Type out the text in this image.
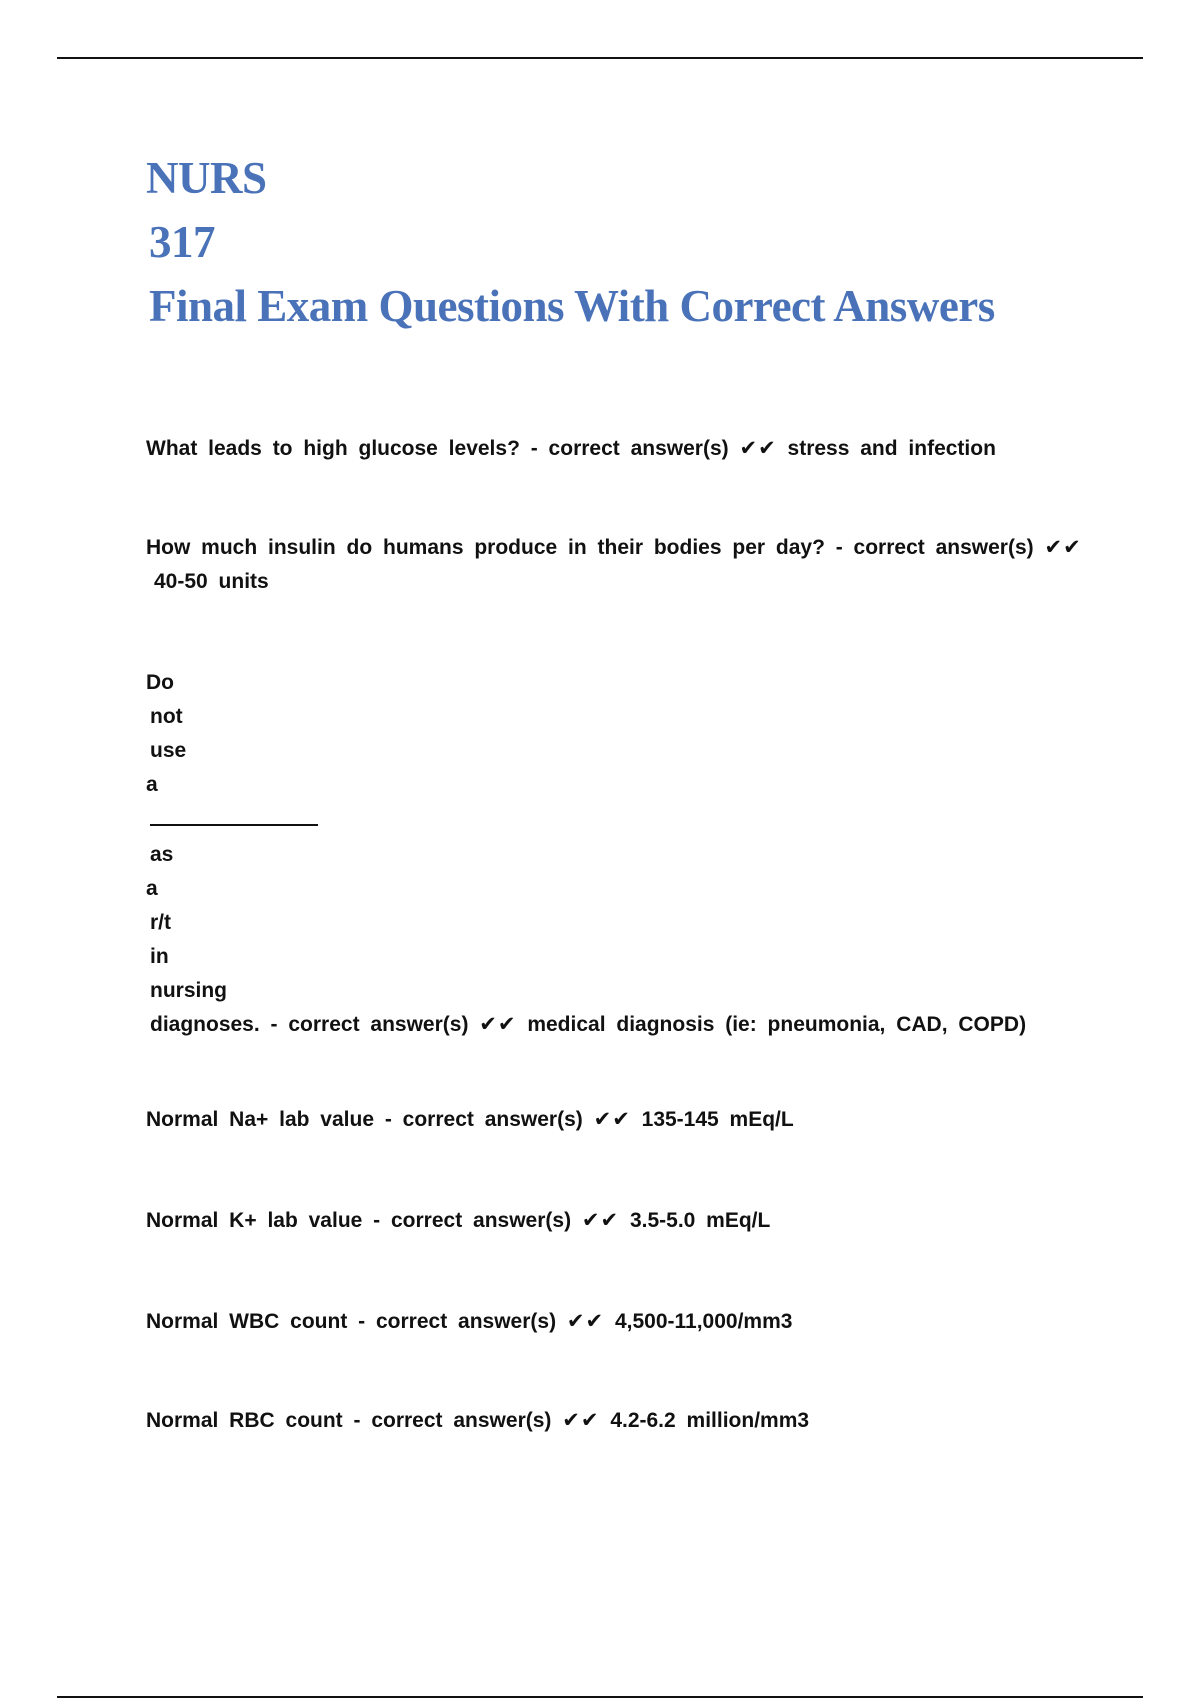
NURS
317
Final Exam Questions With Correct Answers
What leads to high glucose levels? - correct answer(s) ✔✔ stress and infection
How much insulin do humans produce in their bodies per day? - correct answer(s) ✔✔
40-50 units
Do
not
use
a
as
a
r/t
in
nursing
diagnoses. - correct answer(s) ✔✔ medical diagnosis (ie: pneumonia, CAD, COPD)
Normal Na+ lab value - correct answer(s) ✔✔ 135-145 mEq/L
Normal K+ lab value - correct answer(s) ✔✔ 3.5-5.0 mEq/L
Normal WBC count - correct answer(s) ✔✔ 4,500-11,000/mm3
Normal RBC count - correct answer(s) ✔✔ 4.2-6.2 million/mm3
